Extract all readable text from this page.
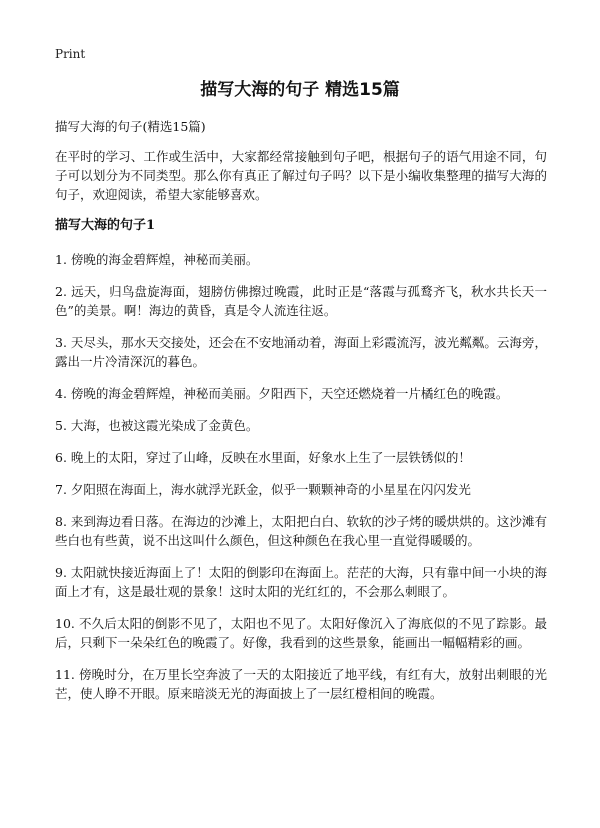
Print
描写大海的句子 精选15篇

描写大海的句子(精选15篇)

在平时的学习、工作或生活中，大家都经常接触到句子吧，根据句子的语气用途不同，句子可以划分为不同类型。那么你有真正了解过句子吗？以下是小编收集整理的描写大海的句子，欢迎阅读，希望大家能够喜欢。

描写大海的句子1

1. 傍晚的海金碧辉煌，神秘而美丽。

2. 远天，归鸟盘旋海面，翅膀仿佛擦过晚霞，此时正是“落霞与孤鹜齐飞，秋水共长天一色”的美景。啊！海边的黄昏，真是令人流连往返。

3. 天尽头，那水天交接处，还会在不安地涌动着，海面上彩霞流泻，波光粼粼。云海旁，露出一片冷清深沉的暮色。

4. 傍晚的海金碧辉煌，神秘而美丽。夕阳西下，天空还燃烧着一片橘红色的晚霞。

5. 大海，也被这霞光染成了金黄色。

6. 晚上的太阳，穿过了山峰，反映在水里面，好象水上生了一层铁锈似的！

7. 夕阳照在海面上，海水就浮光跃金，似乎一颗颗神奇的小星星在闪闪发光

8. 来到海边看日落。在海边的沙滩上，太阳把白白、软软的沙子烤的暖烘烘的。这沙滩有些白也有些黄，说不出这叫什么颜色，但这种颜色在我心里一直觉得暖暖的。

9. 太阳就快接近海面上了！太阳的倒影印在海面上。茫茫的大海，只有靠中间一小块的海面上才有，这是最壮观的景象！这时太阳的光红红的，不会那么刺眼了。

10. 不久后太阳的倒影不见了，太阳也不见了。太阳好像沉入了海底似的不见了踪影。最后，只剩下一朵朵红色的晚霞了。好像，我看到的这些景象，能画出一幅幅精彩的画。

11. 傍晚时分，在万里长空奔波了一天的太阳接近了地平线，有红有大，放射出刺眼的光芒，使人睁不开眼。原来暗淡无光的海面披上了一层红橙相间的晚霞。
